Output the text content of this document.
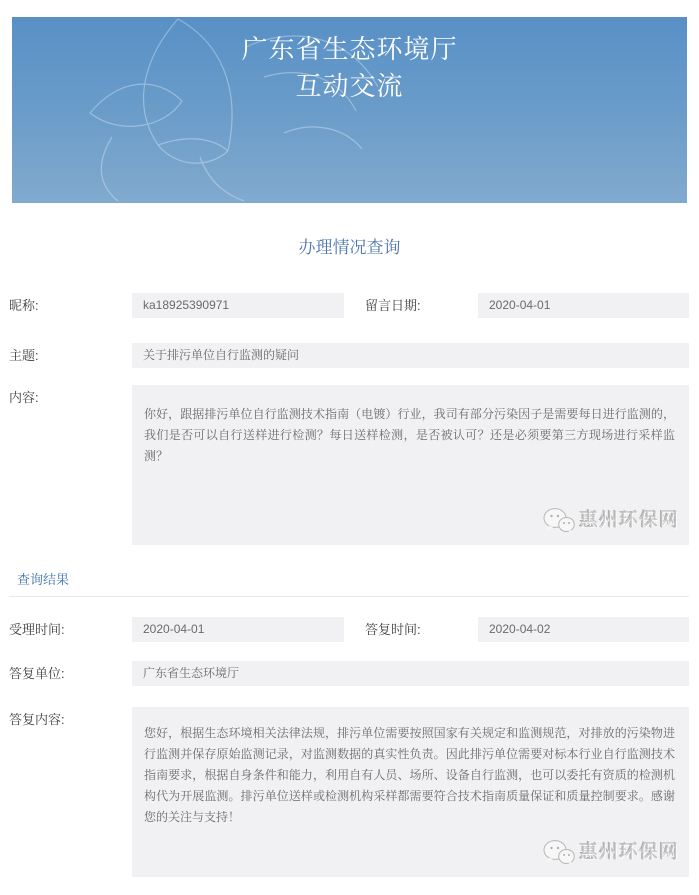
广东省生态环境厅
互动交流
办理情况查询
昵称:	ka18925390971	留言日期:	2020-04-01
主题:	关于排污单位自行监测的疑问
内容:
你好，跟据排污单位自行监测技术指南（电镀）行业，我司有部分污染因子是需要每日进行监测的，我们是否可以自行送样进行检测？每日送样检测，是否被认可？还是必须要第三方现场进行采样监测？
惠州环保网
查询结果
受理时间:	2020-04-01	答复时间:	2020-04-02
答复单位:	广东省生态环境厅
答复内容:
您好，根据生态环境相关法律法规，排污单位需要按照国家有关规定和监测规范，对排放的污染物进行监测并保存原始监测记录，对监测数据的真实性负责。因此排污单位需要对标本行业自行监测技术指南要求，根据自身条件和能力，利用自有人员、场所、设备自行监测，也可以委托有资质的检测机构代为开展监测。排污单位送样或检测机构采样都需要符合技术指南质量保证和质量控制要求。感谢您的关注与支持！
惠州环保网
